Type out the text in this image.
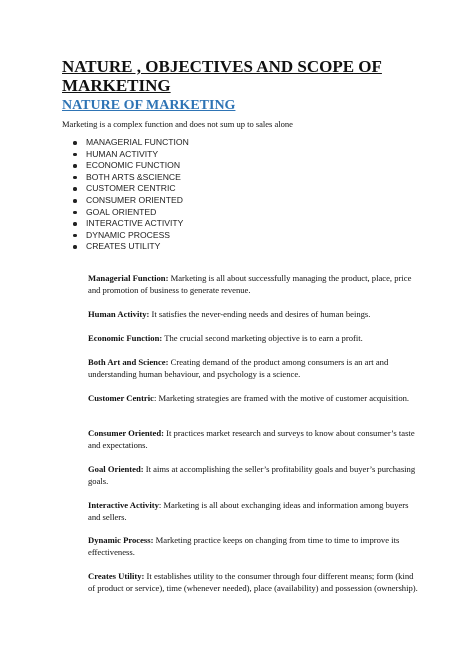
NATURE , OBJECTIVES AND SCOPE OF MARKETING
NATURE OF MARKETING
Marketing is a complex function and does not sum up to sales alone
MANAGERIAL FUNCTION
HUMAN ACTIVITY
ECONOMIC FUNCTION
BOTH ARTS &SCIENCE
CUSTOMER CENTRIC
CONSUMER ORIENTED
GOAL ORIENTED
INTERACTIVE ACTIVITY
DYNAMIC PROCESS
CREATES UTILITY

Managerial Function: Marketing is all about successfully managing the product, place, price and promotion of business to generate revenue.

Human Activity: It satisfies the never-ending needs and desires of human beings.

Economic Function: The crucial second marketing objective is to earn a profit.

Both Art and Science: Creating demand of the product among consumers is an art and understanding human behaviour, and psychology is a science.

Customer Centric: Marketing strategies are framed with the motive of customer acquisition.

Consumer Oriented: It practices market research and surveys to know about consumer’s taste and expectations.

Goal Oriented: It aims at accomplishing the seller’s profitability goals and buyer’s purchasing goals.

Interactive Activity: Marketing is all about exchanging ideas and information among buyers and sellers.

Dynamic Process: Marketing practice keeps on changing from time to time to improve its effectiveness.

Creates Utility: It establishes utility to the consumer through four different means; form (kind of product or service), time (whenever needed), place (availability) and possession (ownership).
